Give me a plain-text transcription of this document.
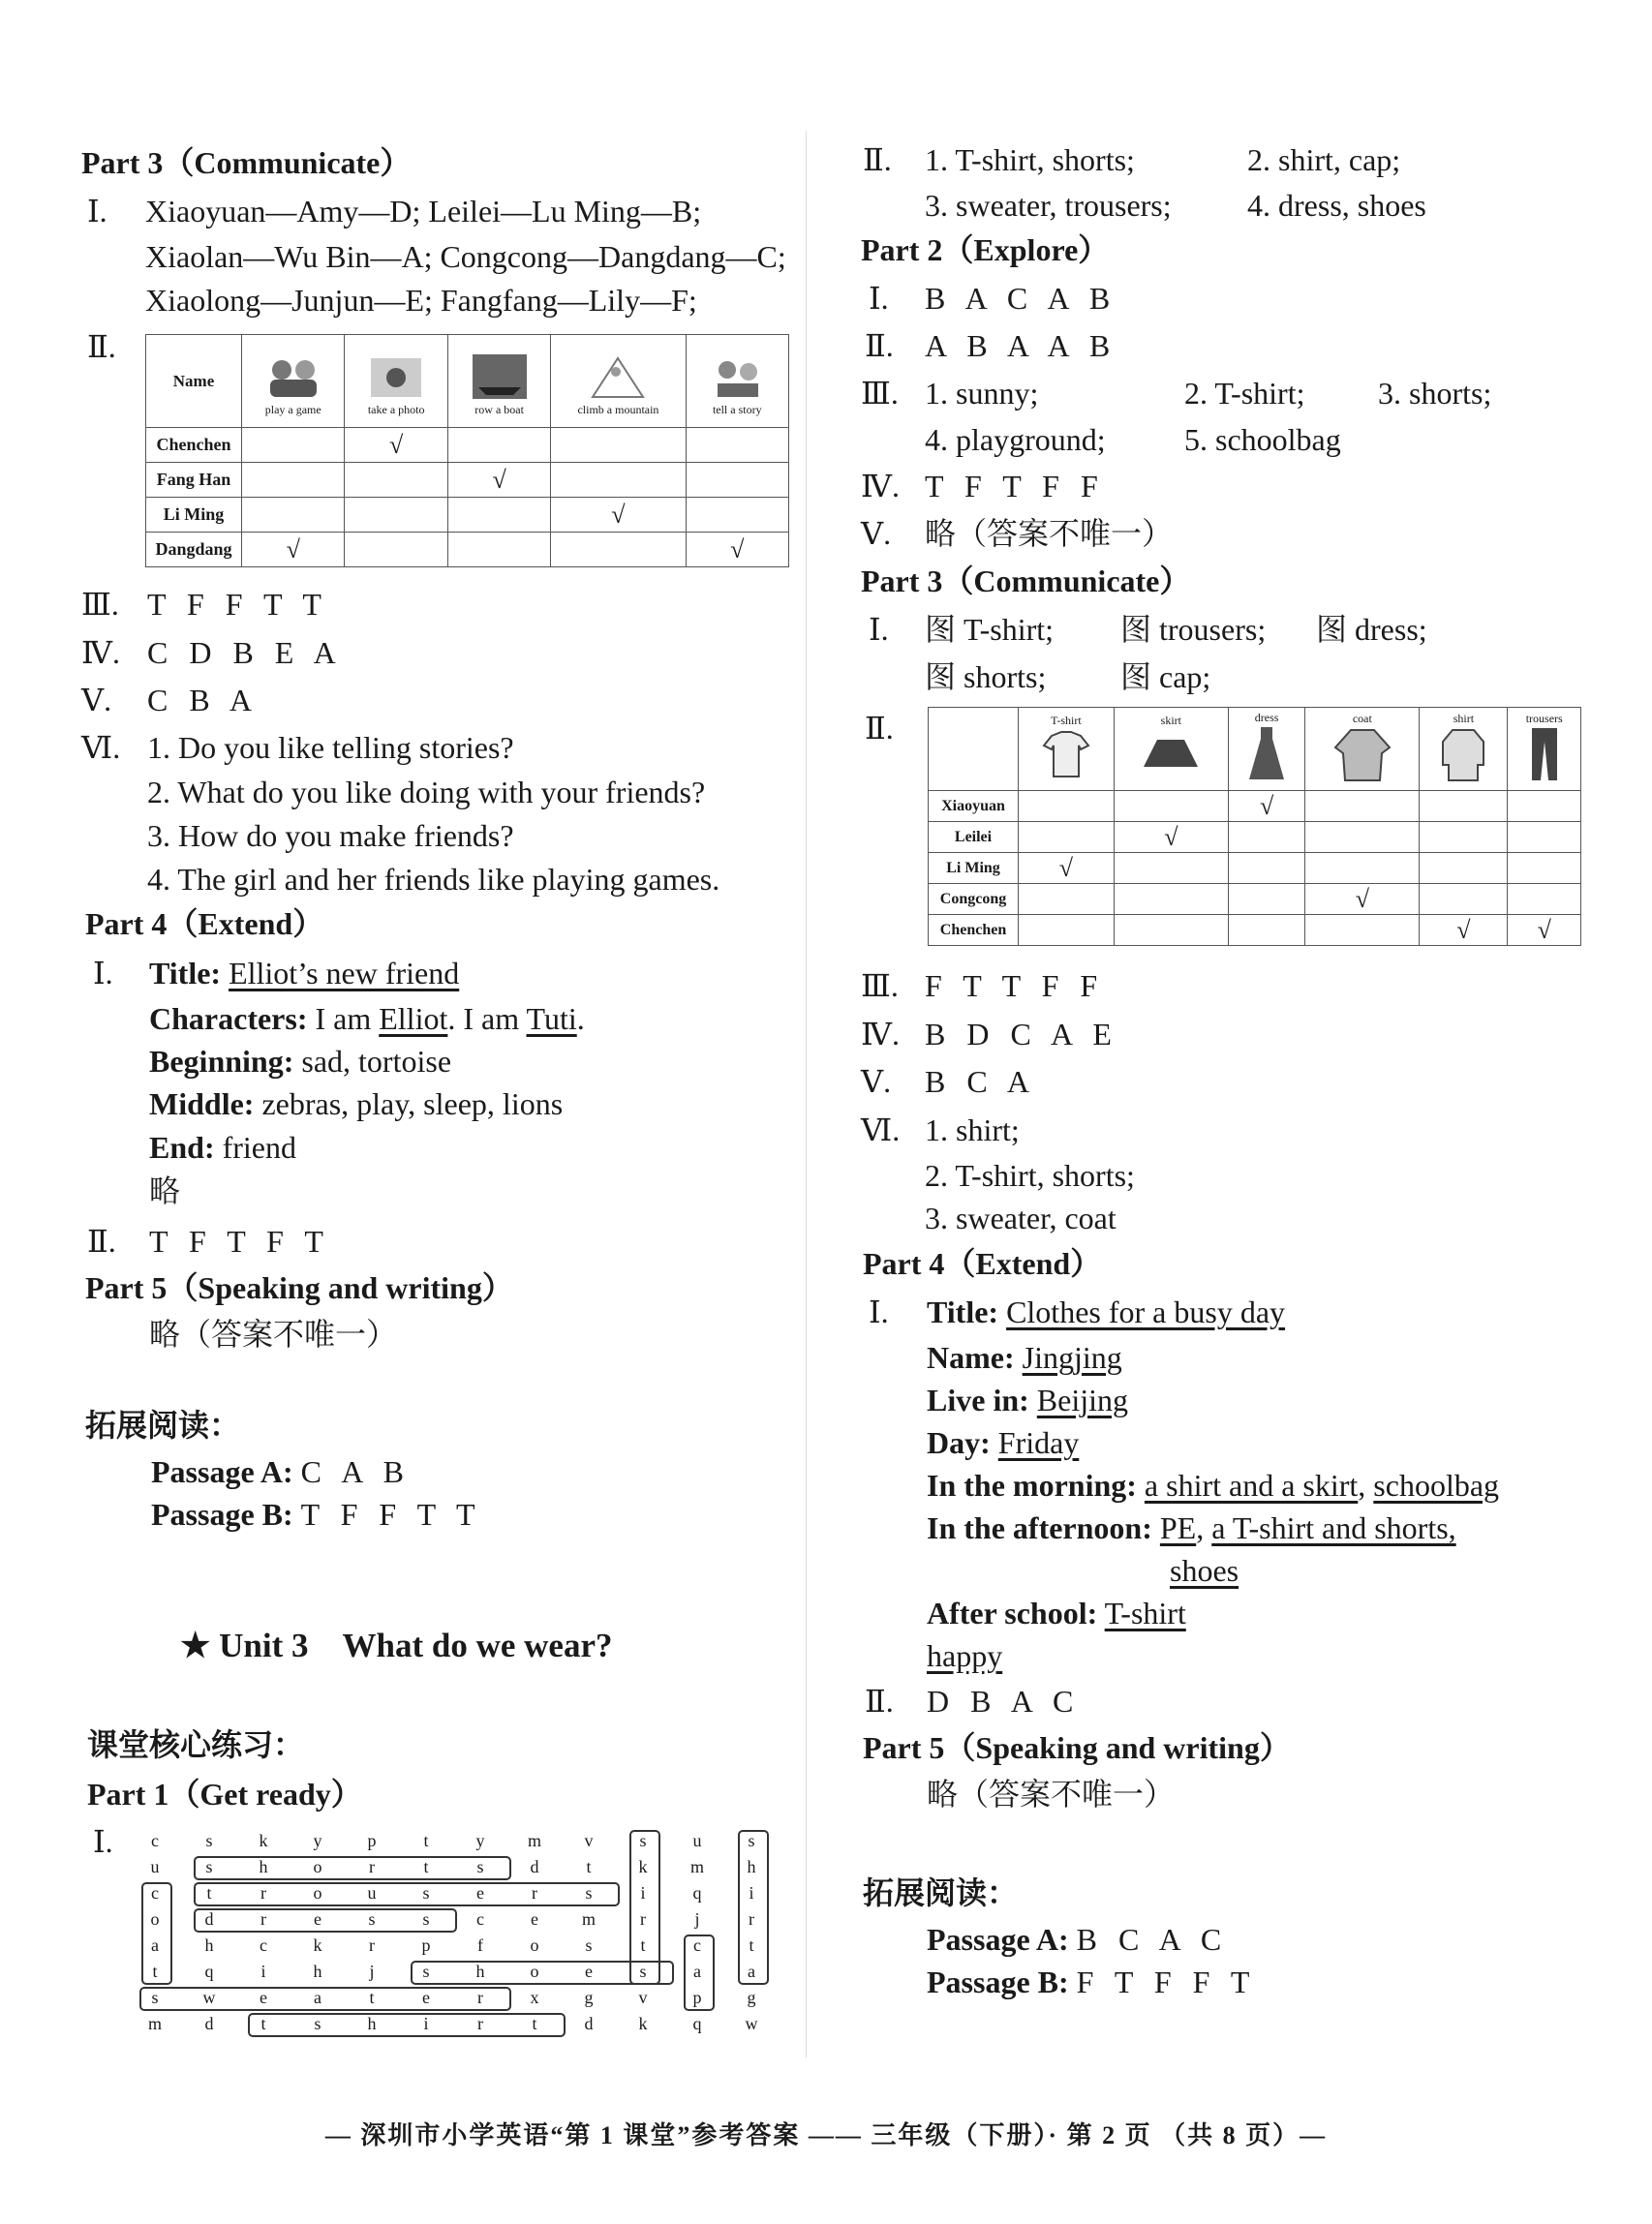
Part 3（Communicate）
Ⅰ. Xiaoyuan—Amy—D; Leilei—Lu Ming—B;
Xiaolan—Wu Bin—A; Congcong—Dangdang—C;
Xiaolong—Junjun—E; Fangfang—Lily—F;
Ⅱ.
Name	play a game	take a photo	row a boat	climb a mountain	tell a story

Chenchen		√			
Fang Han			√		
Li Ming				√	
Dangdang	√				√
Ⅲ. T F F T T
Ⅳ. C D B E A
Ⅴ. C B A
Ⅵ. 1. Do you like telling stories?
2. What do you like doing with your friends?
3. How do you make friends?
4. The girl and her friends like playing games.
Part 4（Extend）
Ⅰ. Title: Elliot’s new friend
Characters: I am Elliot. I am Tuti.
Beginning: sad, tortoise
Middle: zebras, play, sleep, lions
End: friend
略
Ⅱ. T F T F T
Part 5（Speaking and writing）
略（答案不唯一）
拓展阅读：
Passage A: C A B
Passage B: T F F T T
★ Unit 3　What do we wear?
课堂核心练习：
Part 1（Get ready）
Ⅰ.	c	s	k	y	p	t	y	m	v	s	u	s
u	s	h	o	r	t	s	d	t	k	m	h
c	t	r	o	u	s	e	r	s	i	q	i
o	d	r	e	s	s	c	e	m	r	j	r
a	h	c	k	r	p	f	o	s	t	c	t
t	q	i	h	j	s	h	o	e	s	a	a
s	w	e	a	t	e	r	x	g	v	p	g
m	d	t	s	h	i	r	t	d	k	q	w
Ⅱ. 1. T-shirt, shorts;	2. shirt, cap;
3. sweater, trousers; 4. dress, shoes
Part 2（Explore）
Ⅰ. B A C A B
Ⅱ. A B A A B
Ⅲ. 1. sunny;	2. T-shirt; 3. shorts;
4. playground;	5. schoolbag
Ⅳ. T F T F F
Ⅴ. 略（答案不唯一）
Part 3（Communicate）
Ⅰ. 图 T-shirt; 图 trousers; 图 dress;
图 shorts; 图 cap;
Ⅱ.

	T-shirt	skirt	dress	coat	shirt	trousers

Xiaoyuan			√			
Leilei		√				
Li Ming	√					
Congcong				√		
Chenchen					√	√
Ⅲ. F T T F F
Ⅳ. B D C A E
Ⅴ. B C A
Ⅵ. 1. shirt;
2. T-shirt, shorts;
3. sweater, coat
Part 4（Extend）
Ⅰ. Title: Clothes for a busy day
Name: Jingjing
Live in: Beijing
Day: Friday
In the morning: a shirt and a skirt, schoolbag
In the afternoon: PE, a T-shirt and shorts,
shoes
After school: T-shirt
happy
Ⅱ. D B A C
Part 5（Speaking and writing）
略（答案不唯一）
拓展阅读：
Passage A: B C A C
Passage B: F T F F T
— 深圳市小学英语“第 1 课堂”参考答案 —— 三年级（下册）· 第 2 页 （共 8 页）—
